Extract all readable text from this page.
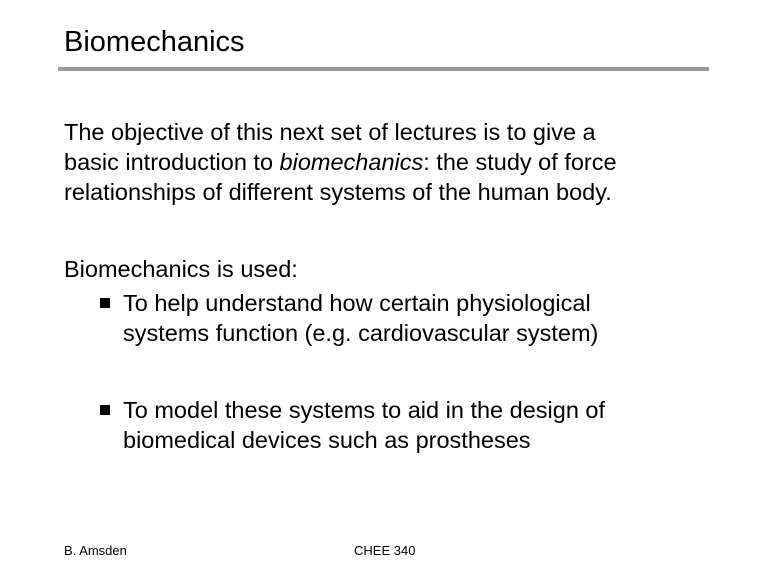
Biomechanics

The objective of this next set of lectures is to give a

basic introduction to biomechanics: the study of force

relationships of different systems of the human body.

Biomechanics is used:

To help understand how certain physiological
systems function (e.g. cardiovascular system)
To model these systems to aid in the design of
biomedical devices such as prostheses
B. Amsden	CHEE 340
